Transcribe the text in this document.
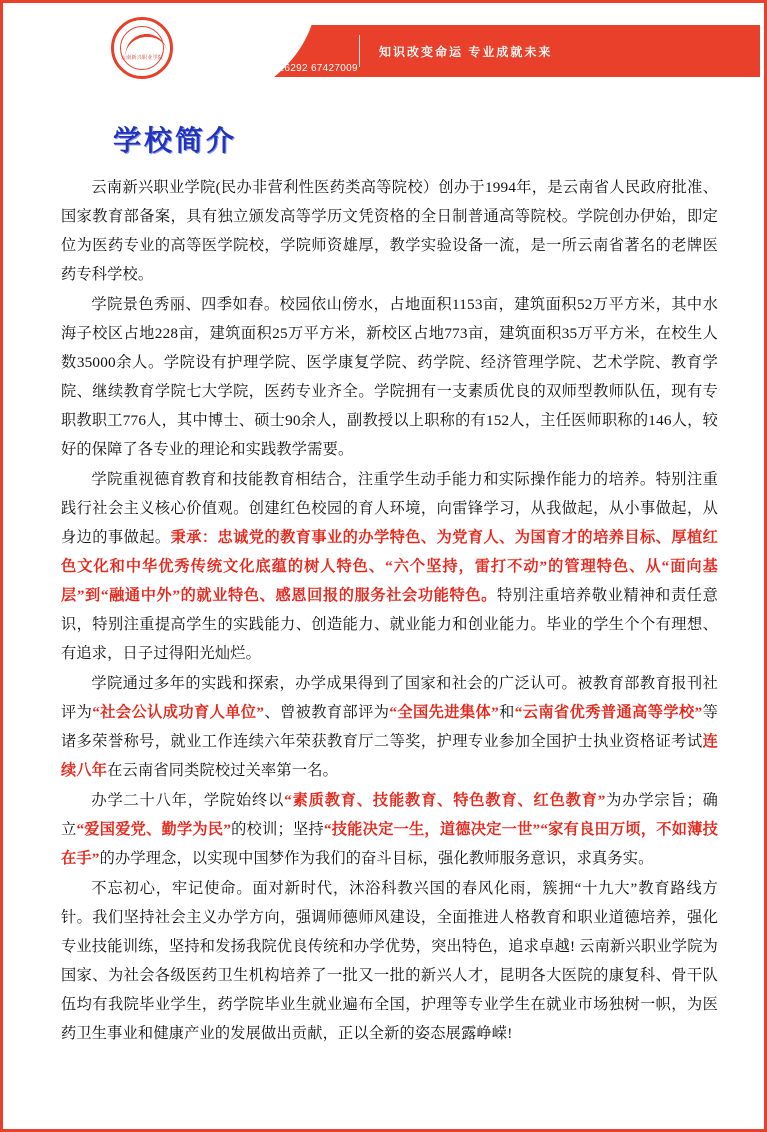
云南新兴职业学院
www.ynxzy.com
电话：0871-67426292 67427009
知识改变命运 专业成就未来
学校简介

云南新兴职业学院(民办非营利性医药类高等院校）创办于1994年，是云南省人民政府批准、国家教育部备案，具有独立颁发高等学历文凭资格的全日制普通高等院校。学院创办伊始，即定位为医药专业的高等医学院校，学院师资雄厚，教学实验设备一流，是一所云南省著名的老牌医药专科学校。

学院景色秀丽、四季如春。校园依山傍水，占地面积1153亩，建筑面积52万平方米，其中水海子校区占地228亩，建筑面积25万平方米，新校区占地773亩，建筑面积35万平方米，在校生人数35000余人。学院设有护理学院、医学康复学院、药学院、经济管理学院、艺术学院、教育学院、继续教育学院七大学院，医药专业齐全。学院拥有一支素质优良的双师型教师队伍，现有专职教职工776人，其中博士、硕士90余人，副教授以上职称的有152人，主任医师职称的146人，较好的保障了各专业的理论和实践教学需要。

学院重视德育教育和技能教育相结合，注重学生动手能力和实际操作能力的培养。特别注重践行社会主义核心价值观。创建红色校园的育人环境，向雷锋学习，从我做起，从小事做起，从身边的事做起。秉承：忠诚党的教育事业的办学特色、为党育人、为国育才的培养目标、厚植红色文化和中华优秀传统文化底蕴的树人特色、“六个坚持，雷打不动”的管理特色、从“面向基层”到“融通中外”的就业特色、感恩回报的服务社会功能特色。特别注重培养敬业精神和责任意识，特别注重提高学生的实践能力、创造能力、就业能力和创业能力。毕业的学生个个有理想、有追求，日子过得阳光灿烂。

学院通过多年的实践和探索，办学成果得到了国家和社会的广泛认可。被教育部教育报刊社评为“社会公认成功育人单位”、曾被教育部评为“全国先进集体”和“云南省优秀普通高等学校”等诸多荣誉称号，就业工作连续六年荣获教育厅二等奖，护理专业参加全国护士执业资格证考试连续八年在云南省同类院校过关率第一名。

办学二十八年，学院始终以“素质教育、技能教育、特色教育、红色教育”为办学宗旨；确立“爱国爱党、勤学为民”的校训；坚持“技能决定一生，道德决定一世”“家有良田万顷，不如薄技在手”的办学理念，以实现中国梦作为我们的奋斗目标，强化教师服务意识，求真务实。

不忘初心，牢记使命。面对新时代，沐浴科教兴国的春风化雨，簇拥“十九大”教育路线方针。我们坚持社会主义办学方向，强调师德师风建设，全面推进人格教育和职业道德培养，强化专业技能训练，坚持和发扬我院优良传统和办学优势，突出特色，追求卓越! 云南新兴职业学院为国家、为社会各级医药卫生机构培养了一批又一批的新兴人才，昆明各大医院的康复科、骨干队伍均有我院毕业学生，药学院毕业生就业遍布全国，护理等专业学生在就业市场独树一帜，为医药卫生事业和健康产业的发展做出贡献，正以全新的姿态展露峥嵘!
